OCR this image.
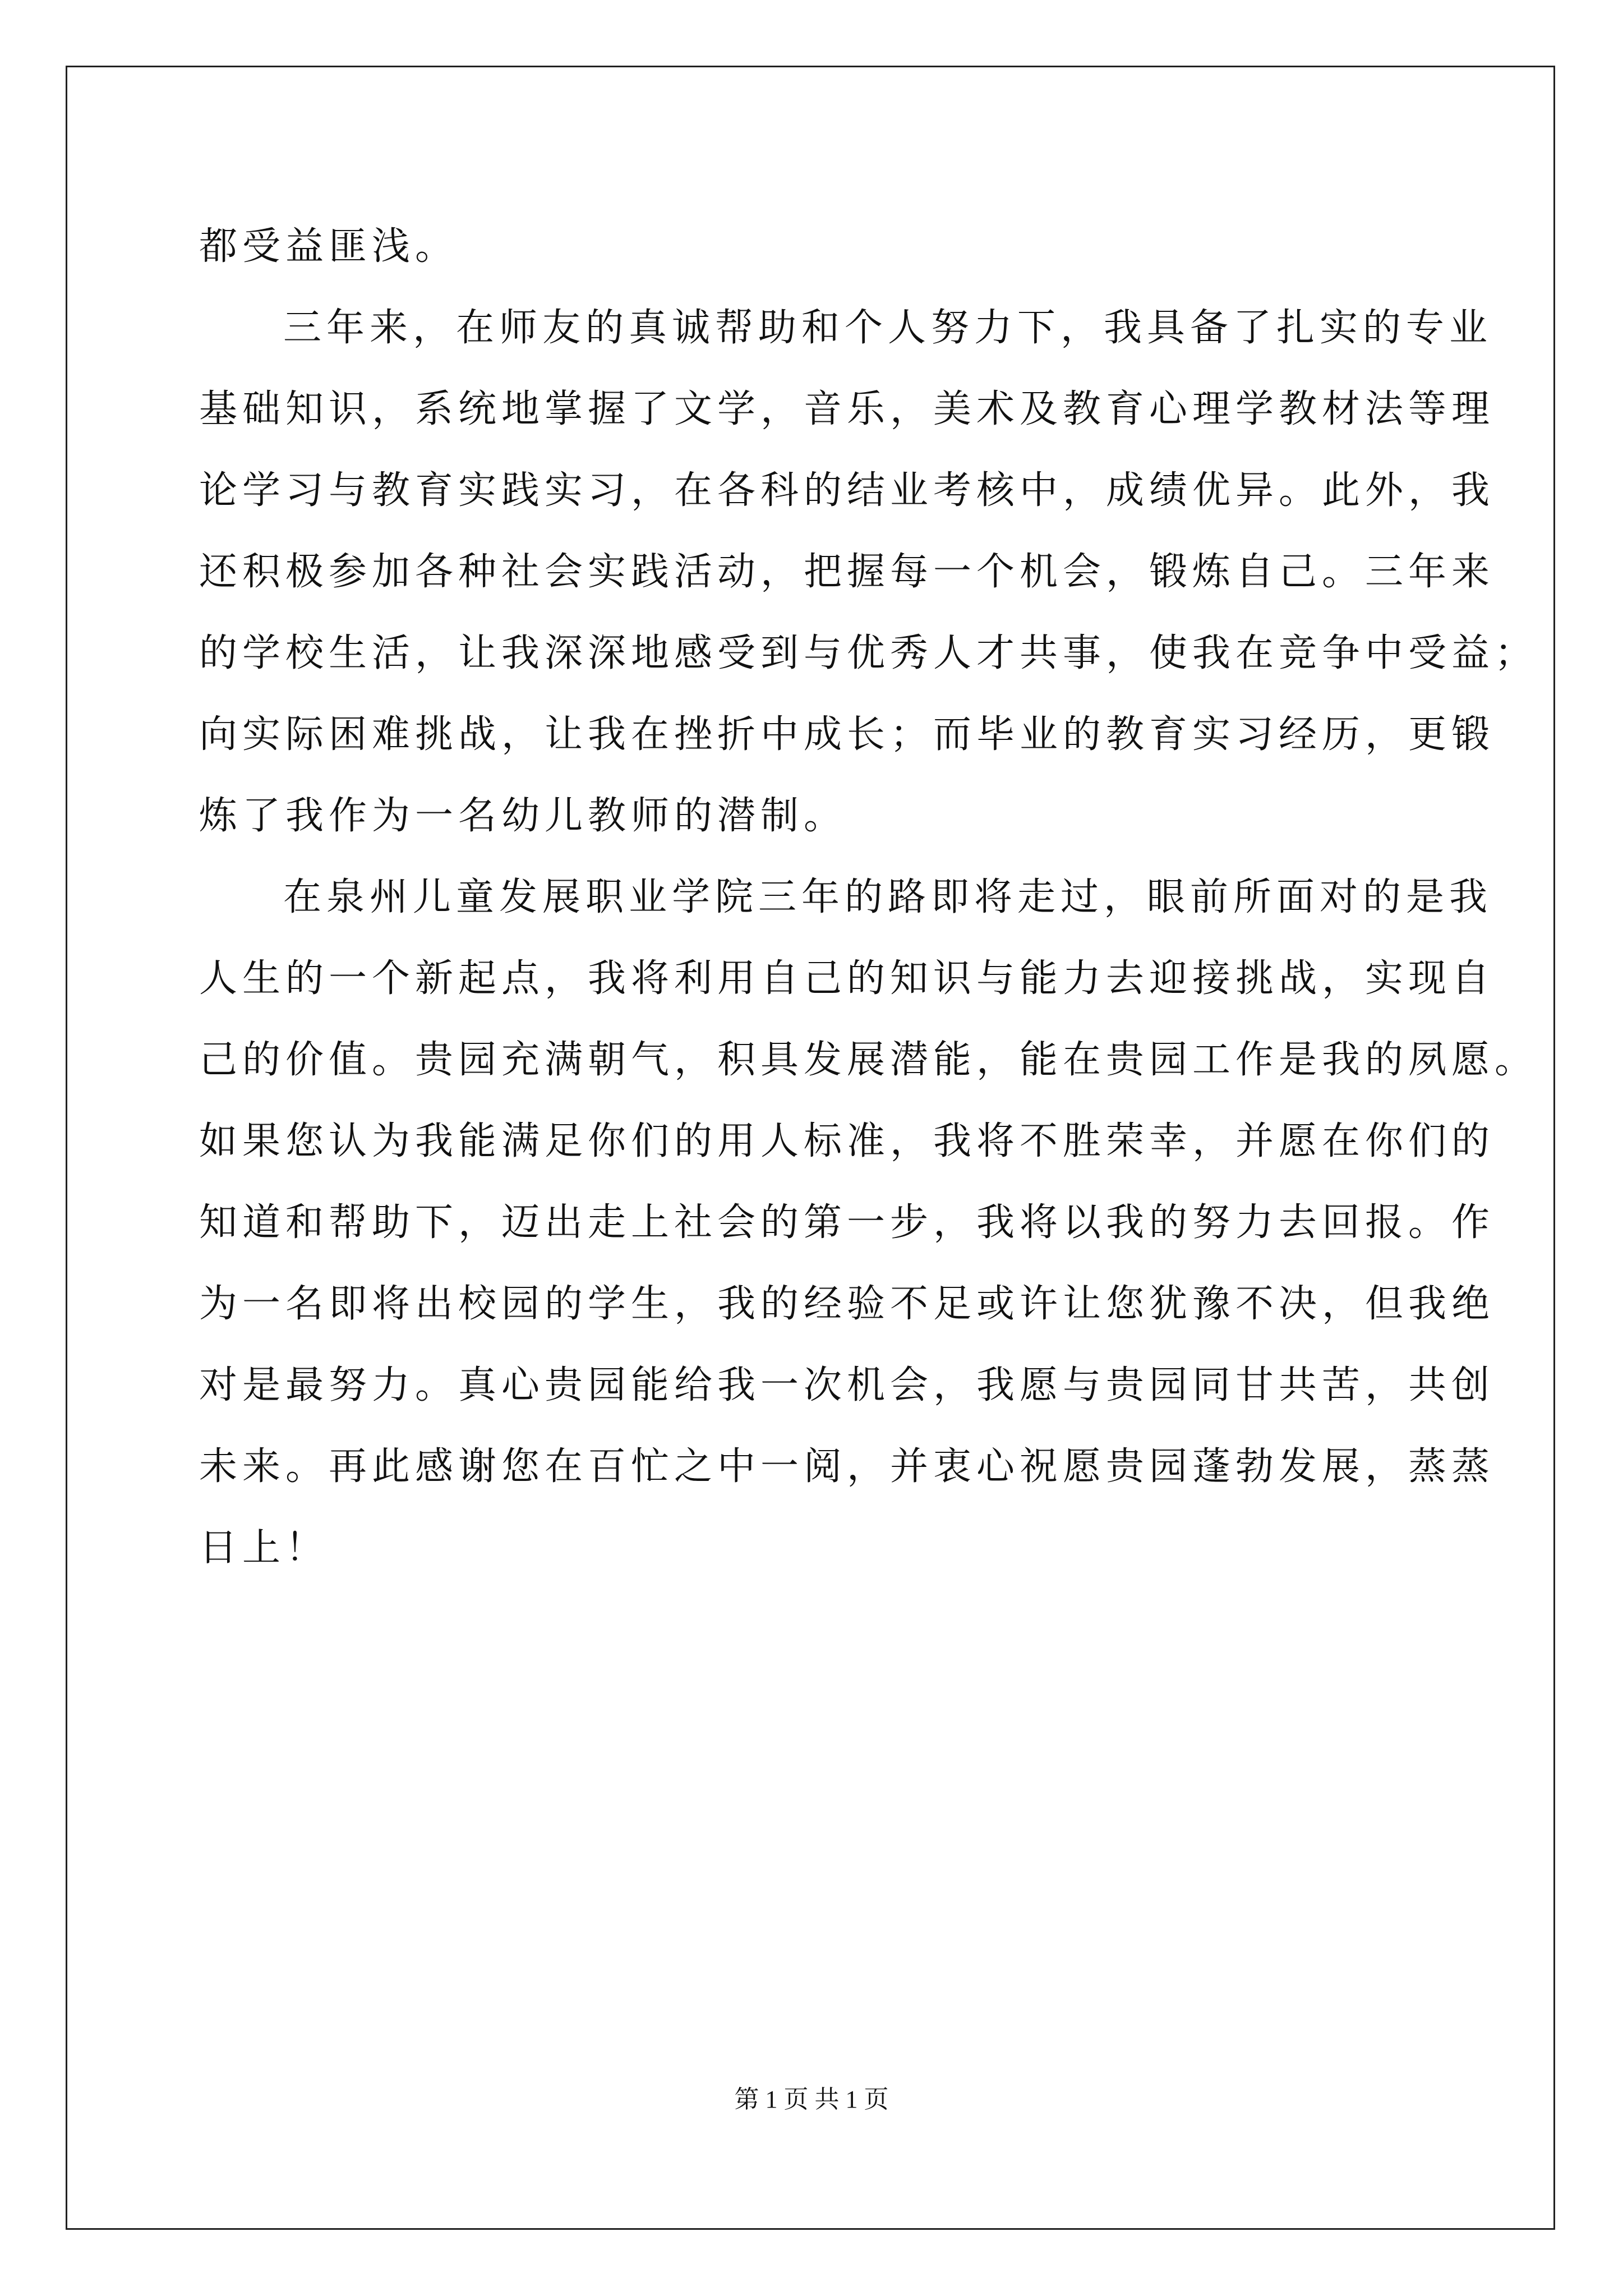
都受益匪浅。
三年来，在师友的真诚帮助和个人努力下，我具备了扎实的专业
基础知识，系统地掌握了文学，音乐，美术及教育心理学教材法等理
论学习与教育实践实习，在各科的结业考核中，成绩优异。此外，我
还积极参加各种社会实践活动，把握每一个机会，锻炼自己。三年来
的学校生活，让我深深地感受到与优秀人才共事，使我在竞争中受益；
向实际困难挑战，让我在挫折中成长；而毕业的教育实习经历，更锻
炼了我作为一名幼儿教师的潜制。
在泉州儿童发展职业学院三年的路即将走过，眼前所面对的是我
人生的一个新起点，我将利用自己的知识与能力去迎接挑战，实现自
己的价值。贵园充满朝气，积具发展潜能，能在贵园工作是我的夙愿。
如果您认为我能满足你们的用人标准，我将不胜荣幸，并愿在你们的
知道和帮助下，迈出走上社会的第一步，我将以我的努力去回报。作
为一名即将出校园的学生，我的经验不足或许让您犹豫不决，但我绝
对是最努力。真心贵园能给我一次机会，我愿与贵园同甘共苦，共创
未来。再此感谢您在百忙之中一阅，并衷心祝愿贵园蓬勃发展，蒸蒸
日上！
第 1 页 共 1 页
